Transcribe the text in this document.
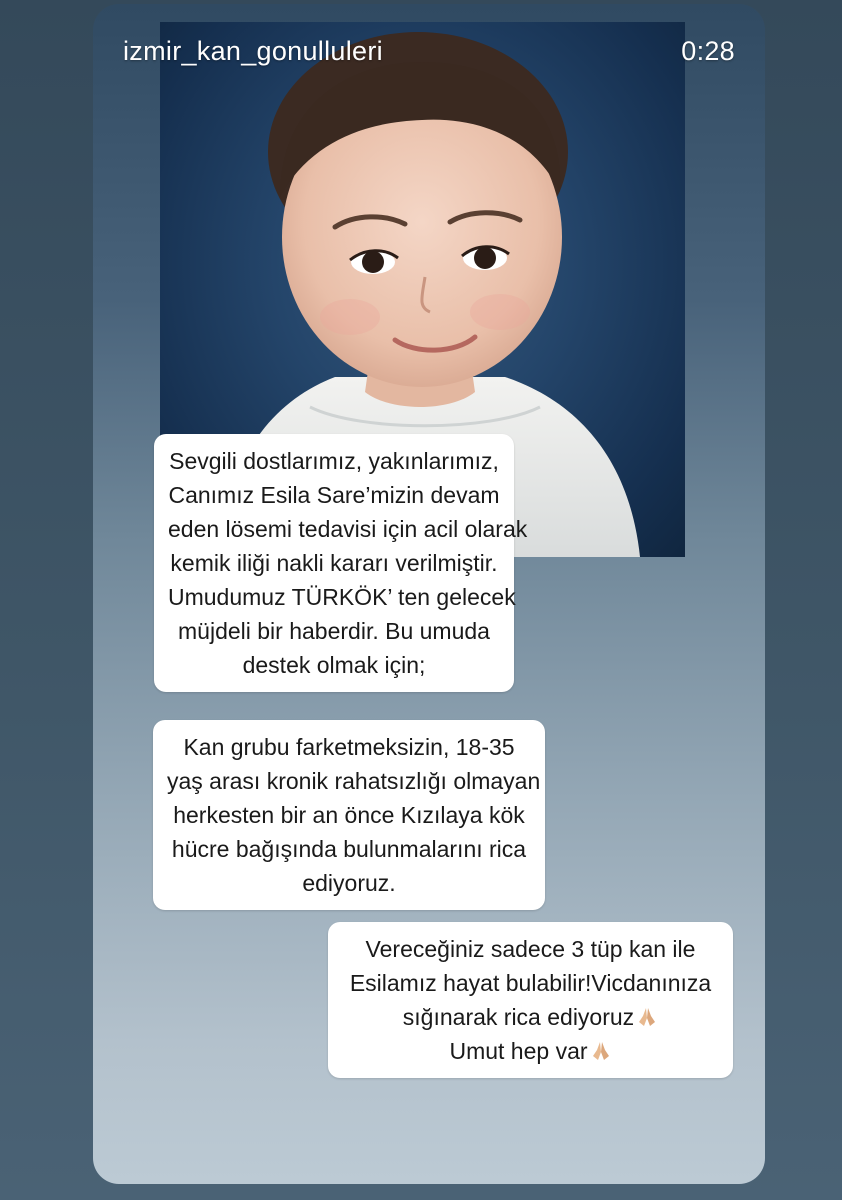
izmir_kan_gonulluleri	0:28

Sevgili dostlarımız, yakınlarımız,

Canımız Esila Sare’mizin devam

eden lösemi tedavisi için acil olarak

kemik iliği nakli kararı verilmiştir.

Umudumuz TÜRKÖK’ ten gelecek

müjdeli bir haberdir. Bu umuda

destek olmak için;

Kan grubu farketmeksizin, 18-35

yaş arası kronik rahatsızlığı olmayan

herkesten bir an önce Kızılaya kök

hücre bağışında bulunmalarını rica

ediyoruz.

Vereceğiniz sadece 3 tüp kan ile

Esilamız hayat bulabilir!Vicdanınıza

sığınarak rica ediyoruz

Umut hep var
